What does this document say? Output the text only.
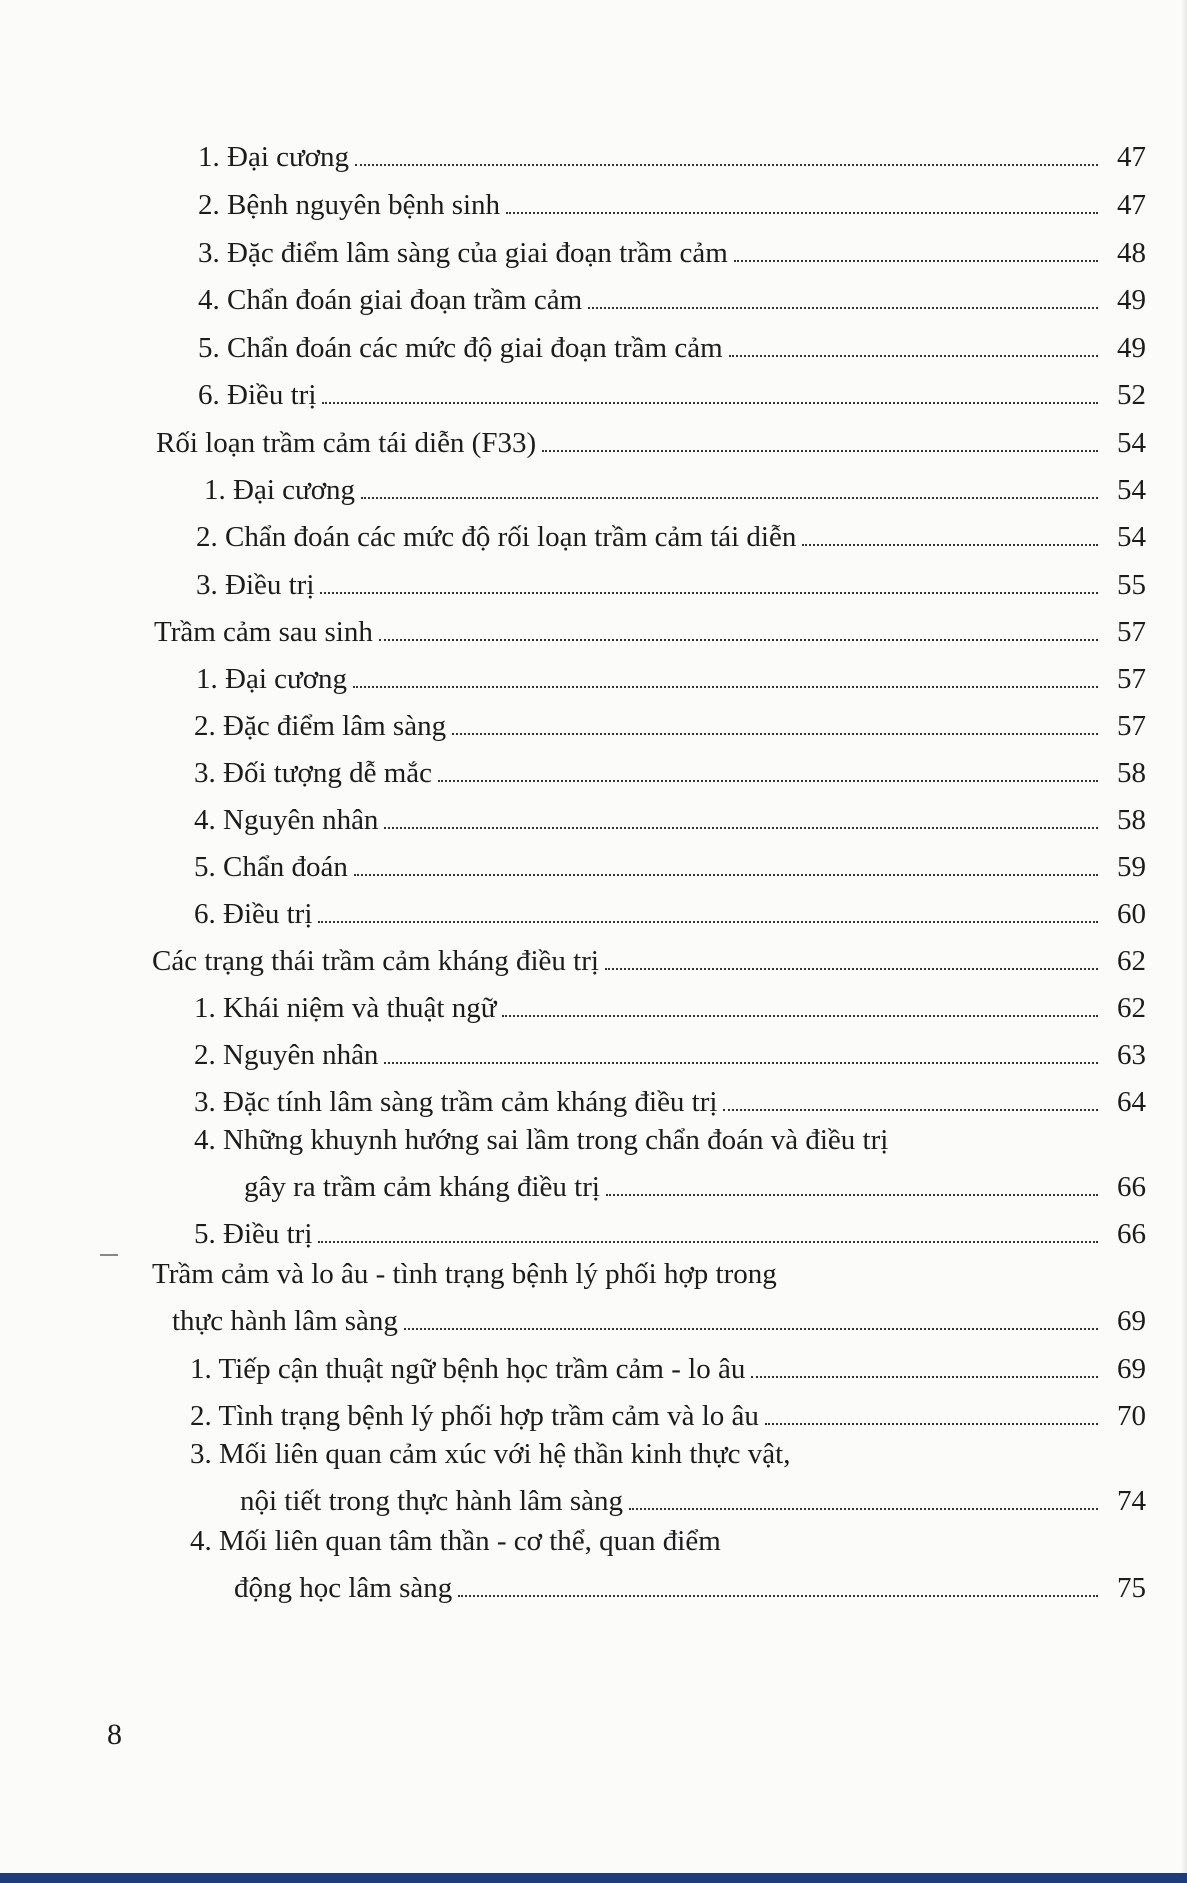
1. Đại cương	47
2. Bệnh nguyên bệnh sinh	47
3. Đặc điểm lâm sàng của giai đoạn trầm cảm	48
4. Chẩn đoán giai đoạn trầm cảm	49
5. Chẩn đoán các mức độ giai đoạn trầm cảm	49
6. Điều trị	52
Rối loạn trầm cảm tái diễn (F33)	54
1. Đại cương	54
2. Chẩn đoán các mức độ rối loạn trầm cảm tái diễn	54
3. Điều trị	55
Trầm cảm sau sinh	57
1. Đại cương	57
2. Đặc điểm lâm sàng	57
3. Đối tượng dễ mắc	58
4. Nguyên nhân	58
5. Chẩn đoán	59
6. Điều trị	60
Các trạng thái trầm cảm kháng điều trị	62
1. Khái niệm và thuật ngữ	62
2. Nguyên nhân	63
3. Đặc tính lâm sàng trầm cảm kháng điều trị	64
4. Những khuynh hướng sai lầm trong chẩn đoán và điều trị
gây ra trầm cảm kháng điều trị	66
5. Điều trị	66
Trầm cảm và lo âu - tình trạng bệnh lý phối hợp trong
thực hành lâm sàng	69
1. Tiếp cận thuật ngữ bệnh học trầm cảm - lo âu	69
2. Tình trạng bệnh lý phối hợp trầm cảm và lo âu	70
3. Mối liên quan cảm xúc với hệ thần kinh thực vật,
nội tiết trong thực hành lâm sàng	74
4. Mối liên quan tâm thần - cơ thể, quan điểm
động học lâm sàng	75
8
